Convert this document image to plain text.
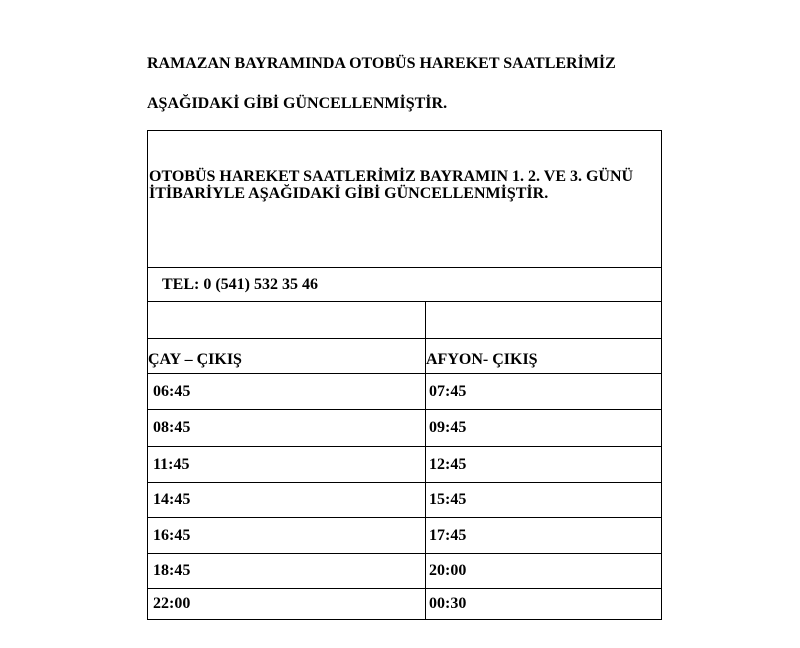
RAMAZAN BAYRAMINDA OTOBÜS HAREKET SAATLERİMİZ

AŞAĞIDAKİ GİBİ GÜNCELLENMİŞTİR.

OTOBÜS HAREKET SAATLERİMİZ BAYRAMIN 1. 2. VE 3. GÜNÜ İTİBARİYLE AŞAĞIDAKİ GİBİ GÜNCELLENMİŞTİR.
TEL: 0 (541) 532 35 46
ÇAY – ÇIKIŞ	AFYON- ÇIKIŞ
06:45	07:45
08:45	09:45
11:45	12:45
14:45	15:45
16:45	17:45
18:45	20:00
22:00	00:30
